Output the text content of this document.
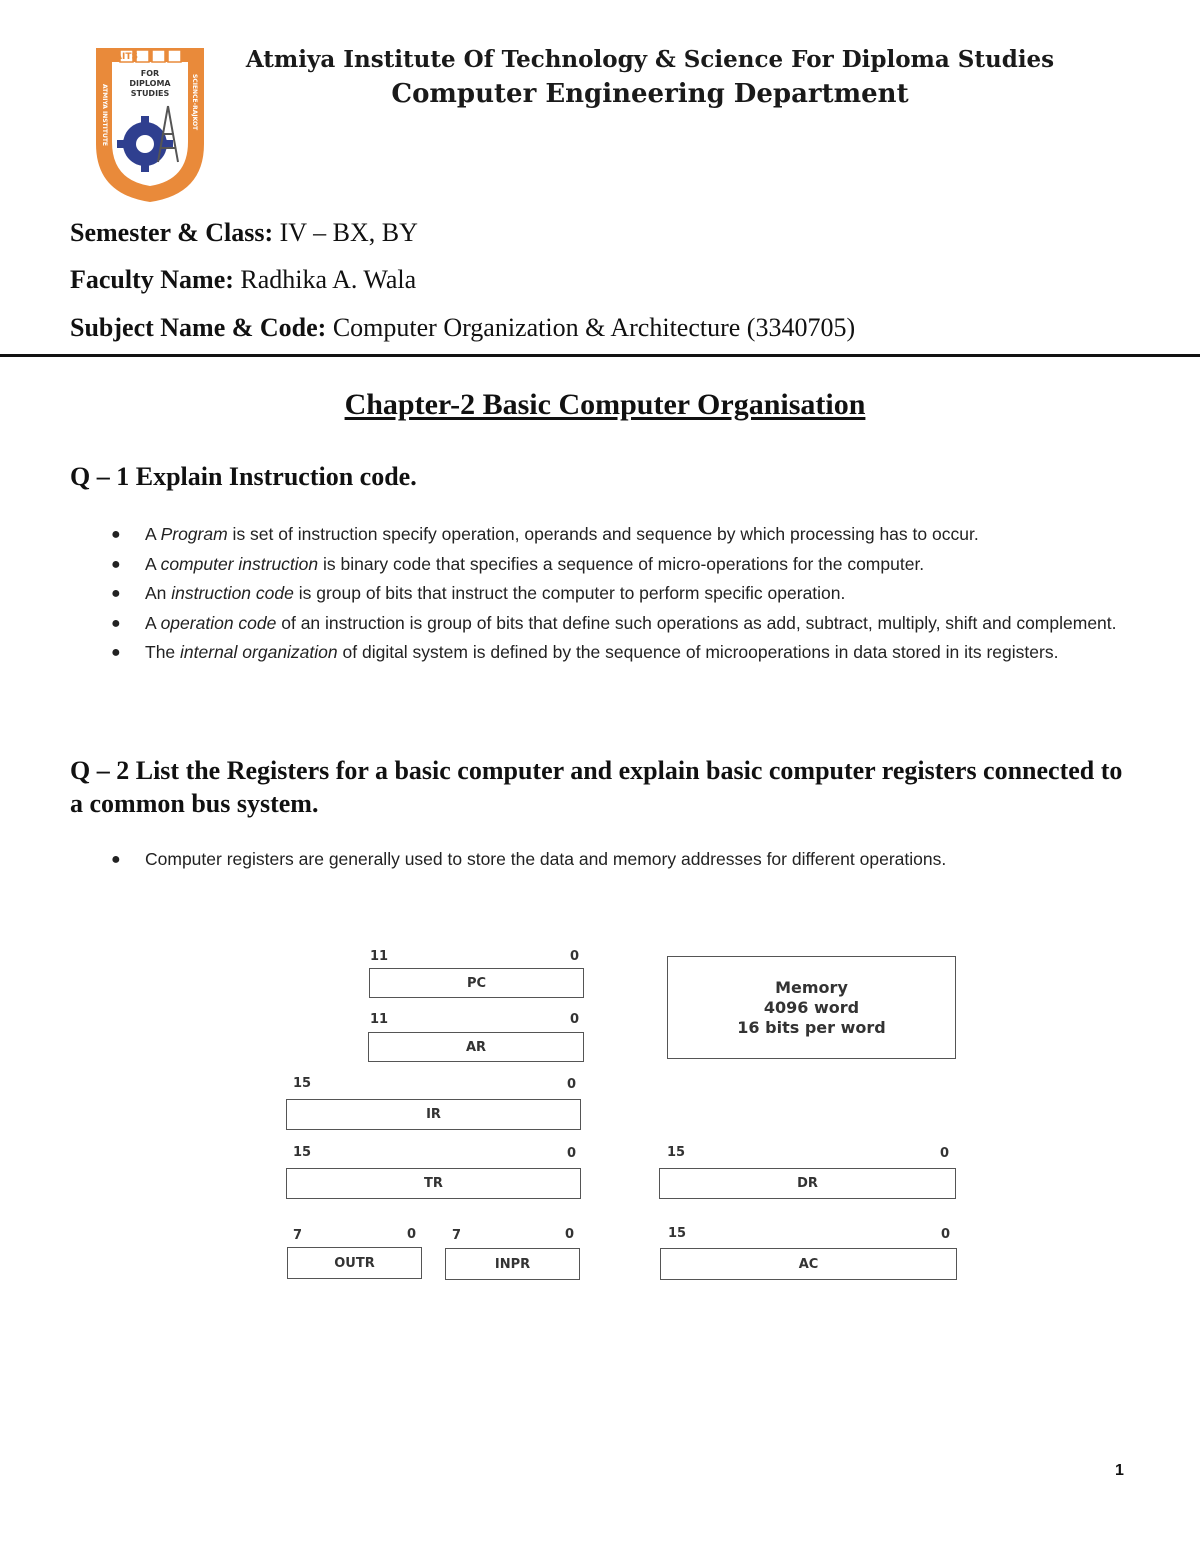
AITS
FOR
DIPLOMA
STUDIES
ATMIYA INSTITUTE	SCIENCE-RAJKOT
Atmiya Institute Of Technology & Science For Diploma Studies
Computer Engineering Department
Semester & Class: IV – BX, BY
Faculty Name: Radhika A. Wala
Subject Name & Code: Computer Organization & Architecture (3340705)
Chapter-2 Basic Computer Organisation
Q – 1 Explain Instruction code.
● A Program is set of instruction specify operation, operands and sequence by which processing has to occur.
● A computer instruction is binary code that specifies a sequence of micro-operations for the computer.
● An instruction code is group of bits that instruct the computer to perform specific operation.
● A operation code of an instruction is group of bits that define such operations as add, subtract, multiply, shift and complement.
● The internal organization of digital system is defined by the sequence of microoperations in data stored in its registers.
Q – 2 List the Registers for a basic computer and explain basic computer registers connected to a common bus system.
● Computer registers are generally used to store the data and memory addresses for different operations.
11	0
PC
11	0
AR
15	0
IR
15	0
TR
15	0
DR
7	0
OUTR
7	0
INPR
15	0
AC
Memory
4096 word
16 bits per word
1
